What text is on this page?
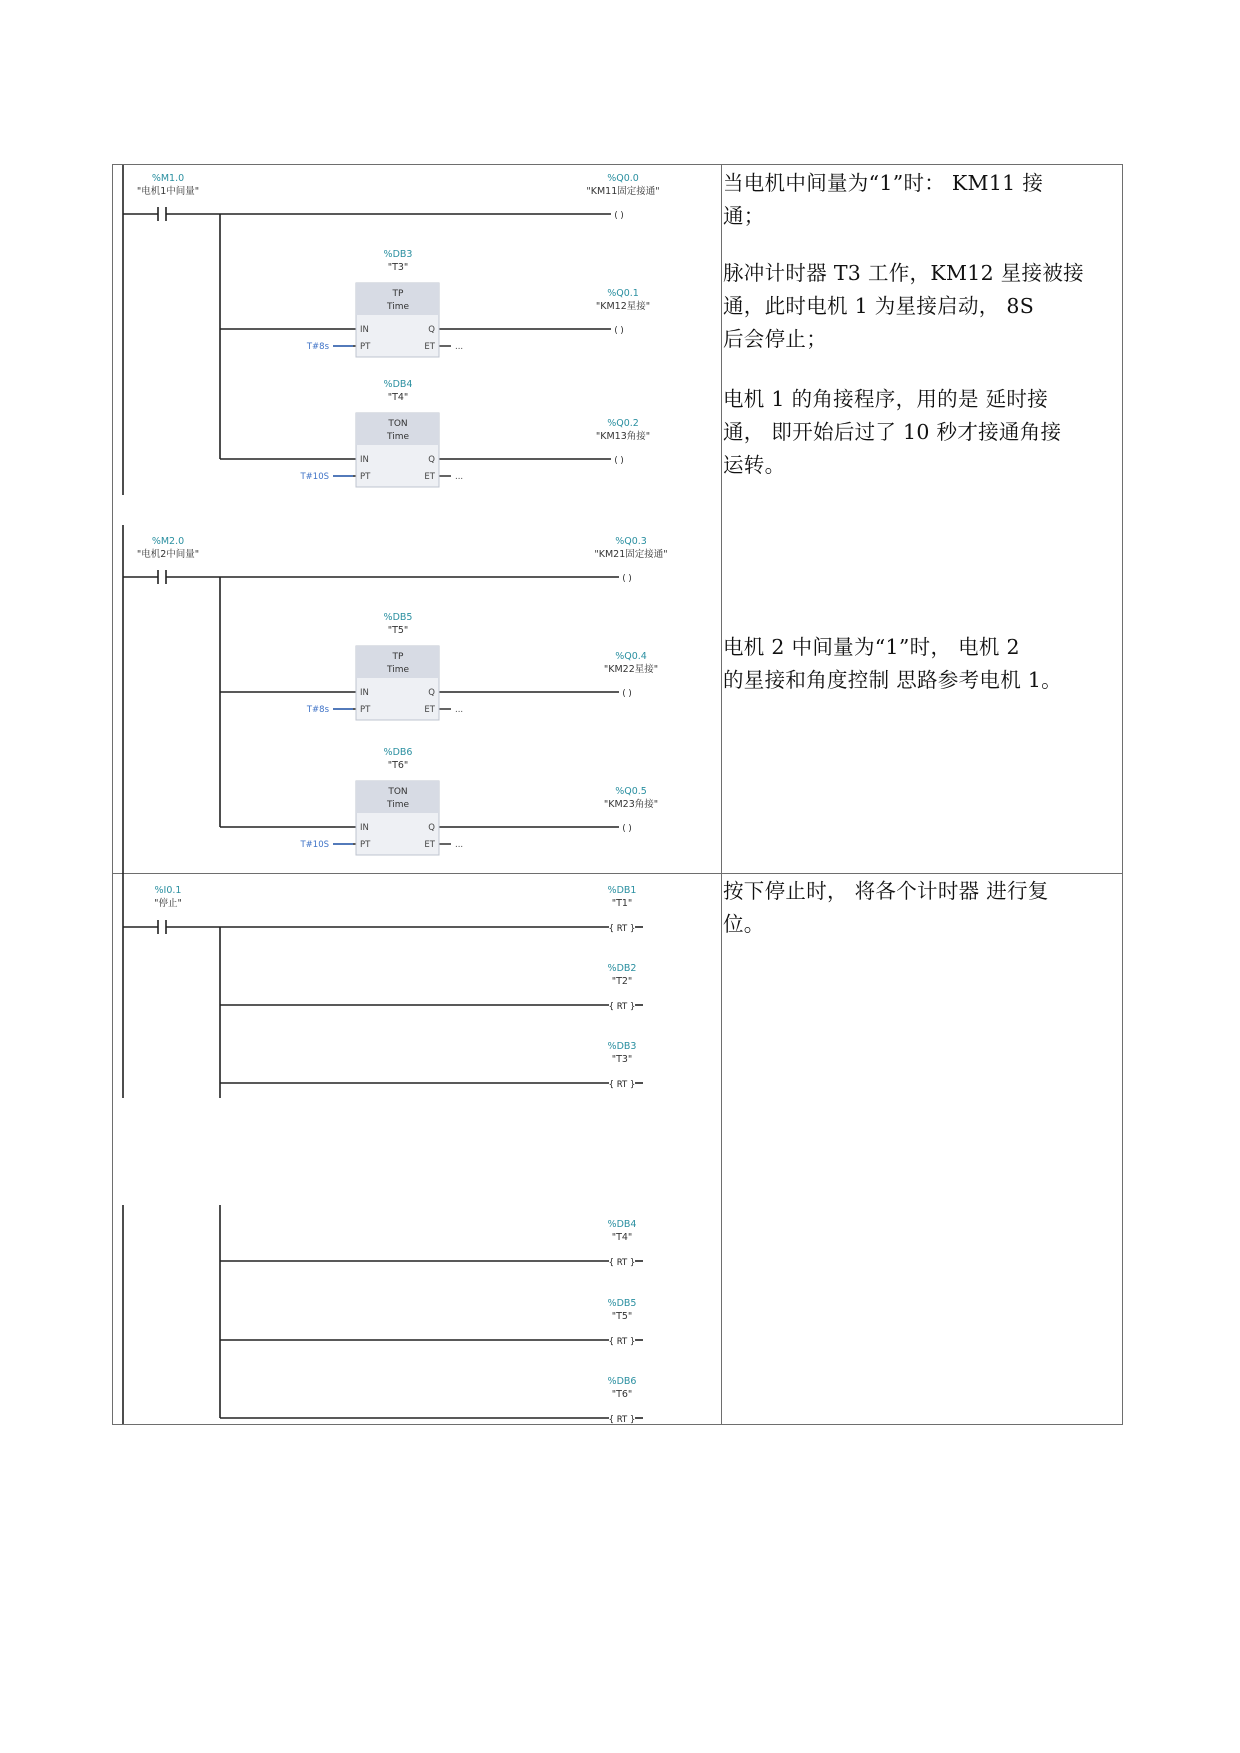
%M1.0
"电机1中间量"
%Q0.0
"KM11固定接通"
( )
%DB3
"T3"
TP
Time
IN
PT
Q
ET ...
T#8s
%Q0.1
"KM12星接"
( )
%DB4
"T4"
TON
Time
IN
PT
Q
ET ...
T#10S
%Q0.2
"KM13角接"
( )
%M2.0
"电机2中间量"
%Q0.3
"KM21固定接通"
( )
%DB5
"T5"
TP
Time
IN
PT
Q
ET ...
T#8s
%Q0.4
"KM22星接"
( )
%DB6
"T6"
TON
Time
IN
PT
Q
ET ...
T#10S
%Q0.5
"KM23角接"
( )
%I0.1
"停止"
%DB1
"T1"
{ RT }
%DB2
"T2"
{ RT }
%DB3
"T3"
{ RT }
%DB4
"T4"
{ RT }
%DB5
"T5"
{ RT }
%DB6
"T6"
{ RT }
当电机中间量为“1”时： KM11 接
通；
脉冲计时器 T3 工作，KM12 星接被接
通，此时电机 1 为星接启动， 8S
后会停止；
电机 1 的角接程序，用的是 延时接
通， 即开始后过了 10 秒才接通角接
运转。
电机 2 中间量为“1”时， 电机 2
的星接和角度控制 思路参考电机 1。
按下停止时， 将各个计时器 进行复
位。
